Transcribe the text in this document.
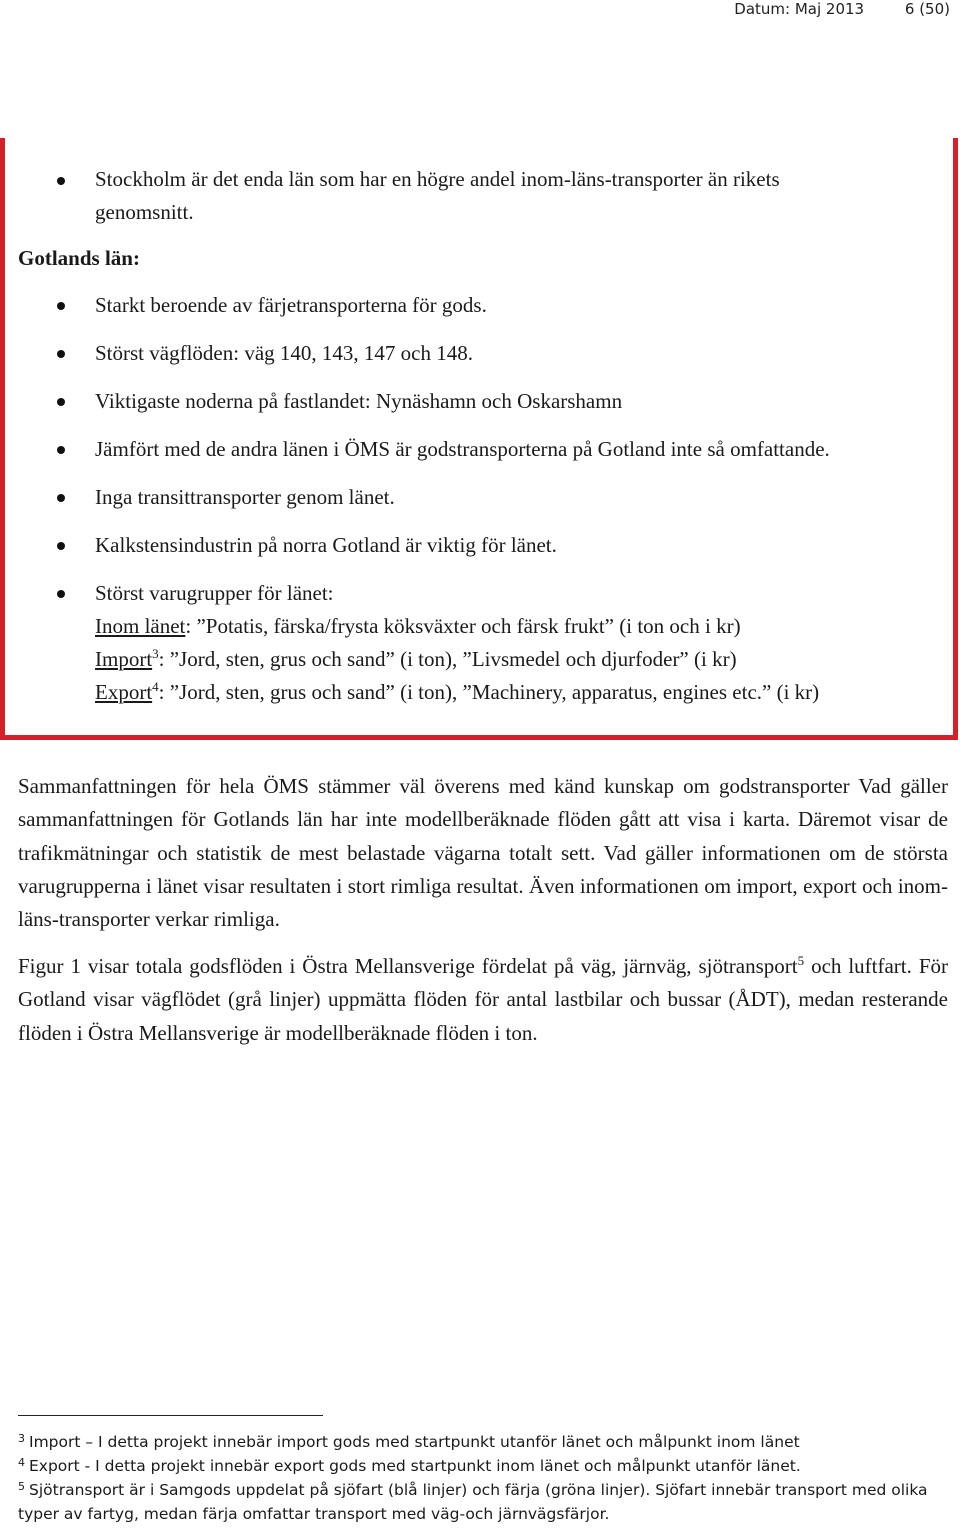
Datum: Maj 2013	6 (50)
Stockholm är det enda län som har en högre andel inom-läns-transporter än rikets
genomsnitt.
Gotlands län:
Starkt beroende av färjetransporterna för gods.
Störst vägflöden: väg 140, 143, 147 och 148.
Viktigaste noderna på fastlandet: Nynäshamn och Oskarshamn
Jämfört med de andra länen i ÖMS är godstransporterna på Gotland inte så omfattande.
Inga transittransporter genom länet.
Kalkstensindustrin på norra Gotland är viktig för länet.
Störst varugrupper för länet:
Inom länet: ”Potatis, färska/frysta köksväxter och färsk frukt” (i ton och i kr)
Import$^3$: ”Jord, sten, grus och sand” (i ton), ”Livsmedel och djurfoder” (i kr)
Export$^4$: ”Jord, sten, grus och sand” (i ton), ”Machinery, apparatus, engines etc.” (i kr)
Sammanfattningen för hela ÖMS stämmer väl överens med känd kunskap om godstransporter Vad gäller sammanfattningen för Gotlands län har inte modellberäknade flöden gått att visa i karta. Däremot visar de trafikmätningar och statistik de mest belastade vägarna totalt sett. Vad gäller informationen om de största varugrupperna i länet visar resultaten i stort rimliga resultat. Även informationen om import, export och inom-läns-transporter verkar rimliga.
Figur 1 visar totala godsflöden i Östra Mellansverige fördelat på väg, järnväg, sjötransport$^5$ och luftfart. För Gotland visar vägflödet (grå linjer) uppmätta flöden för antal lastbilar och bussar (ÅDT), medan resterande flöden i Östra Mellansverige är modellberäknade flöden i ton.
$^3$ Import – I detta projekt innebär import gods med startpunkt utanför länet och målpunkt inom länet
$^4$ Export - I detta projekt innebär export gods med startpunkt inom länet och målpunkt utanför länet.
$^5$ Sjötransport är i Samgods uppdelat på sjöfart (blå linjer) och färja (gröna linjer). Sjöfart innebär transport med olika typer av fartyg, medan färja omfattar transport med väg-och järnvägsfärjor.
